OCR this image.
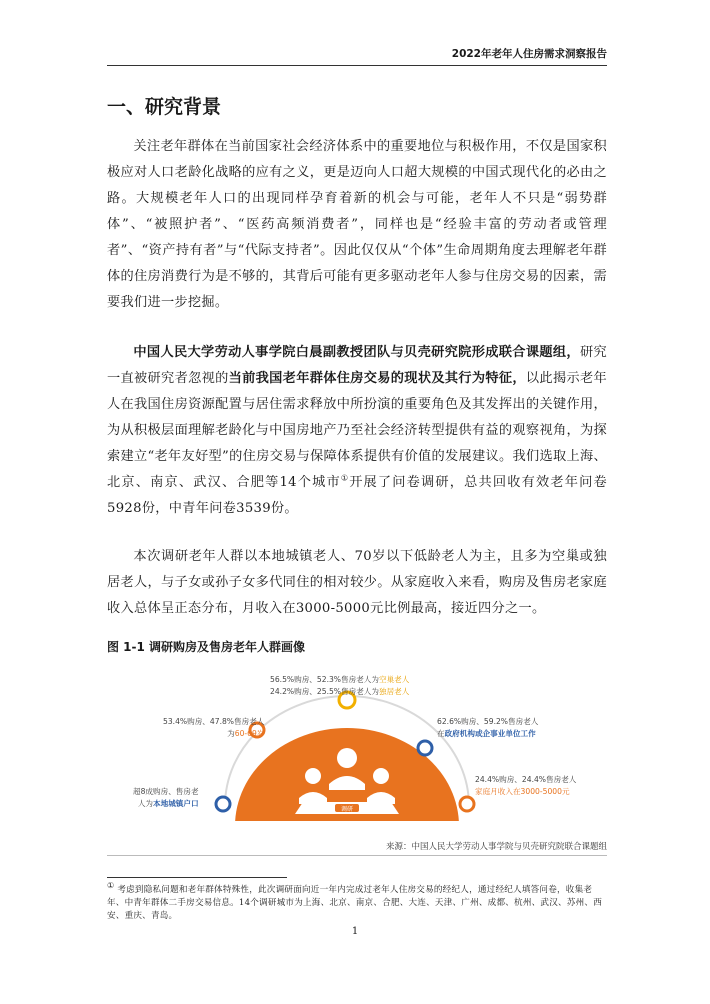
2022年老年人住房需求洞察报告
一、研究背景

关注老年群体在当前国家社会经济体系中的重要地位与积极作用，不仅是国家积极应对人口老龄化战略的应有之义，更是迈向人口超大规模的中国式现代化的必由之路。大规模老年人口的出现同样孕育着新的机会与可能，老年人不只是“弱势群体”、“被照护者”、“医药高频消费者”，同样也是“经验丰富的劳动者或管理者”、“资产持有者”与“代际支持者”。因此仅仅从“个体”生命周期角度去理解老年群体的住房消费行为是不够的，其背后可能有更多驱动老年人参与住房交易的因素，需要我们进一步挖掘。

中国人民大学劳动人事学院白晨副教授团队与贝壳研究院形成联合课题组，研究一直被研究者忽视的当前我国老年群体住房交易的现状及其行为特征，以此揭示老年人在我国住房资源配置与居住需求释放中所扮演的重要角色及其发挥出的关键作用，为从积极层面理解老龄化与中国房地产乃至社会经济转型提供有益的观察视角，为探索建立“老年友好型”的住房交易与保障体系提供有价值的发展建议。我们选取上海、北京、南京、武汉、合肥等14个城市①开展了问卷调研，总共回收有效老年问卷5928份，中青年问卷3539份。

本次调研老年人群以本地城镇老人、70岁以下低龄老人为主，且多为空巢或独居老人，与子女或孙子女多代同住的相对较少。从家庭收入来看，购房及售房老家庭收入总体呈正态分布，月收入在3000-5000元比例最高，接近四分之一。

图 1-1 调研购房及售房老年人群画像
调研
56.5%购房、52.3%售房老人为空巢老人
24.2%购房、25.5%售房老人为独居老人
53.4%购房、47.8%售房老人
为60-69岁
62.6%购房、59.2%售房老人
在政府机构或企事业单位工作
超8成购房、售房老
人为本地城镇户口
24.4%购房、24.4%售房老人
家庭月收入在3000-5000元
来源：中国人民大学劳动人事学院与贝壳研究院联合课题组
① 考虑到隐私问题和老年群体特殊性，此次调研面向近一年内完成过老年人住房交易的经纪人，通过经纪人填答问卷，收集老年、中青年群体二手房交易信息。14个调研城市为上海、北京、南京、合肥、大连、天津、广州、成都、杭州、武汉、苏州、西安、重庆、青岛。
1
